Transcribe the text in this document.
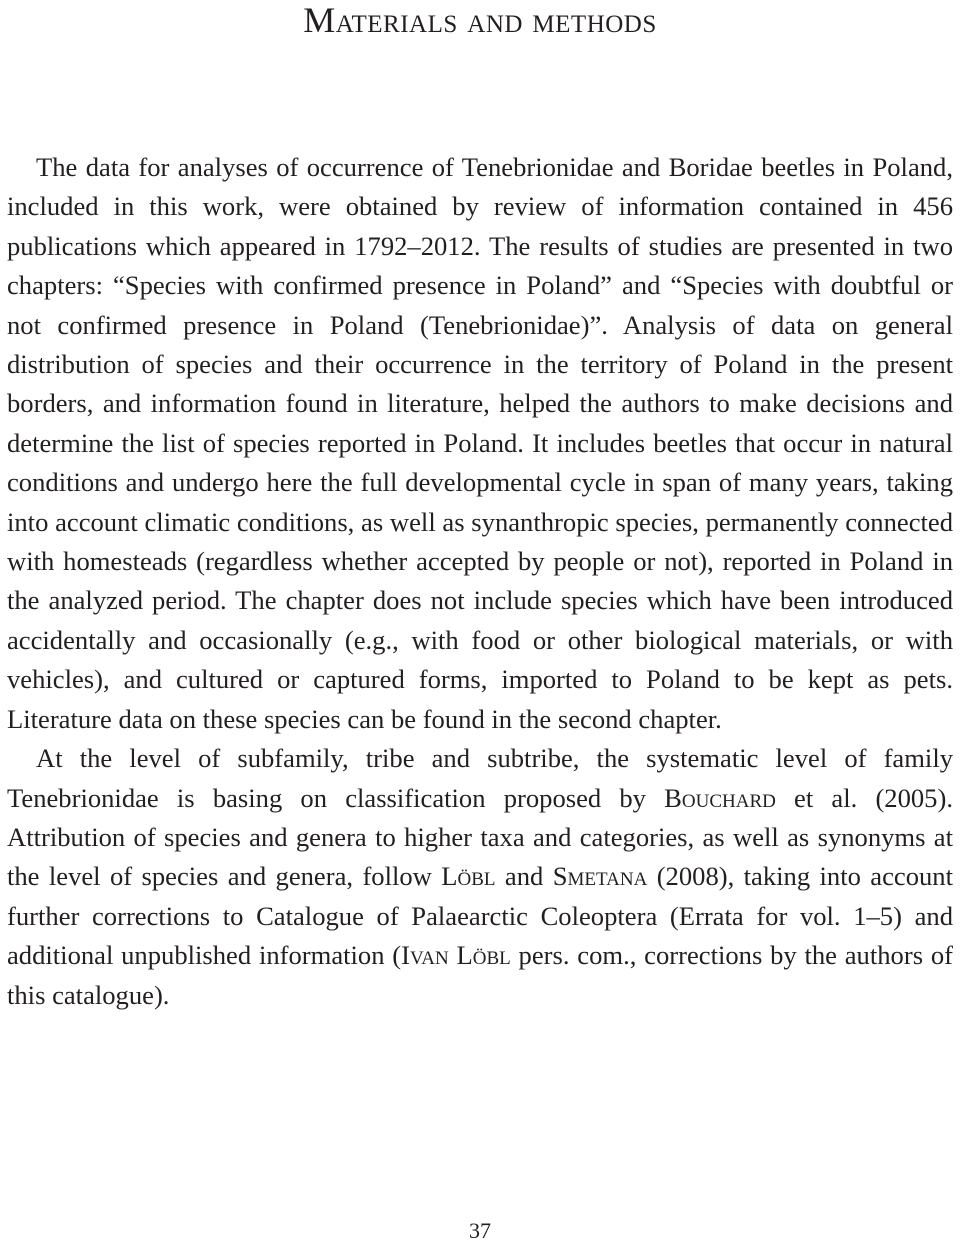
Materials and methods

The data for analyses of occurrence of Tenebrionidae and Boridae beetles in Poland, included in this work, were obtained by review of information contained in 456 publications which appeared in 1792–2012. The results of studies are presented in two chapters: “Species with confirmed presence in Poland” and “Species with doubtful or not confirmed presence in Poland (Tenebrionidae)”. Analysis of data on general distribution of species and their occurrence in the territory of Poland in the present borders, and information found in literature, helped the authors to make decisions and determine the list of species reported in Poland. It includes beetles that occur in natural conditions and undergo here the full developmental cycle in span of many years, taking into account climatic conditions, as well as synanthropic species, permanently connected with homesteads (regardless whether accepted by people or not), reported in Poland in the analyzed period. The chapter does not include species which have been introduced accidentally and occasionally (e.g., with food or other biological materials, or with vehicles), and cultured or captured forms, imported to Poland to be kept as pets. Literature data on these species can be found in the second chapter.

At the level of subfamily, tribe and subtribe, the systematic level of family Tenebrionidae is basing on classification proposed by Bouchard et al. (2005). Attribution of species and genera to higher taxa and categories, as well as synonyms at the level of species and genera, follow Löbl and Smetana (2008), taking into account further corrections to Catalogue of Palaearctic Coleoptera (Errata for vol. 1–5) and additional unpublished information (Ivan Löbl pers. com., corrections by the authors of this catalogue).

37
